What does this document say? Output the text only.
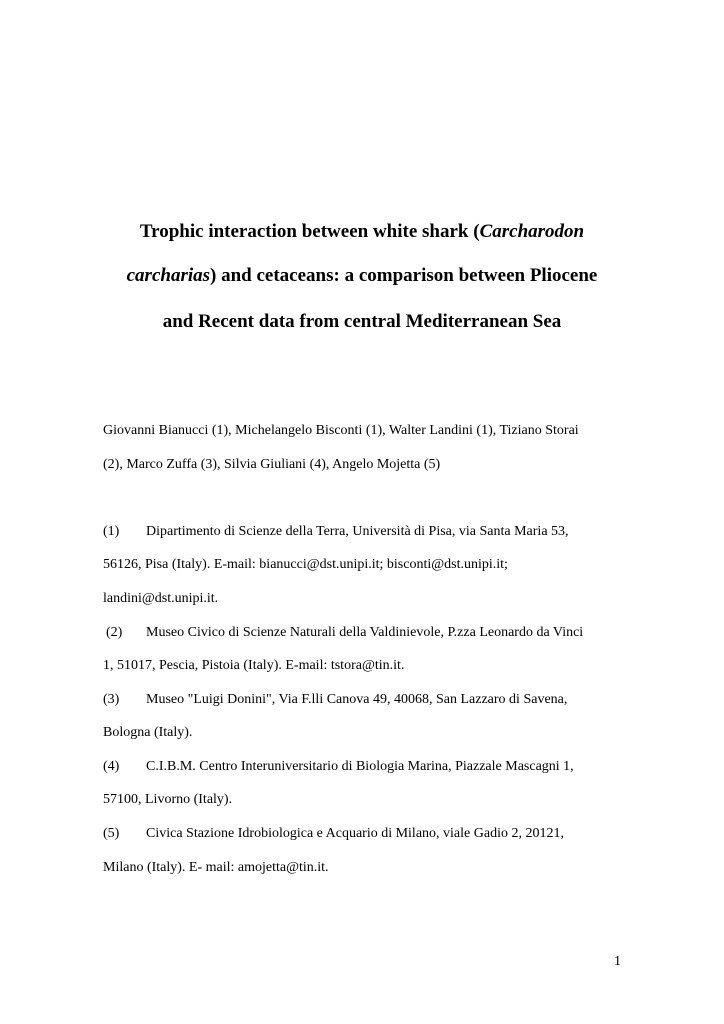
Trophic interaction between white shark (Carcharodon
carcharias) and cetaceans: a comparison between Pliocene
and Recent data from central Mediterranean Sea
Giovanni Bianucci (1), Michelangelo Bisconti (1), Walter Landini (1), Tiziano Storai
(2), Marco Zuffa (3), Silvia Giuliani (4), Angelo Mojetta (5)
(1) Dipartimento di Scienze della Terra, Università di Pisa, via Santa Maria 53,
56126, Pisa (Italy). E-mail: bianucci@dst.unipi.it; bisconti@dst.unipi.it;
landini@dst.unipi.it.
(2) Museo Civico di Scienze Naturali della Valdinievole, P.zza Leonardo da Vinci
1, 51017, Pescia, Pistoia (Italy). E-mail: tstora@tin.it.
(3) Museo "Luigi Donini", Via F.lli Canova 49, 40068, San Lazzaro di Savena,
Bologna (Italy).
(4) C.I.B.M. Centro Interuniversitario di Biologia Marina, Piazzale Mascagni 1,
57100, Livorno (Italy).
(5) Civica Stazione Idrobiologica e Acquario di Milano, viale Gadio 2, 20121,
Milano (Italy). E- mail: amojetta@tin.it.
1
